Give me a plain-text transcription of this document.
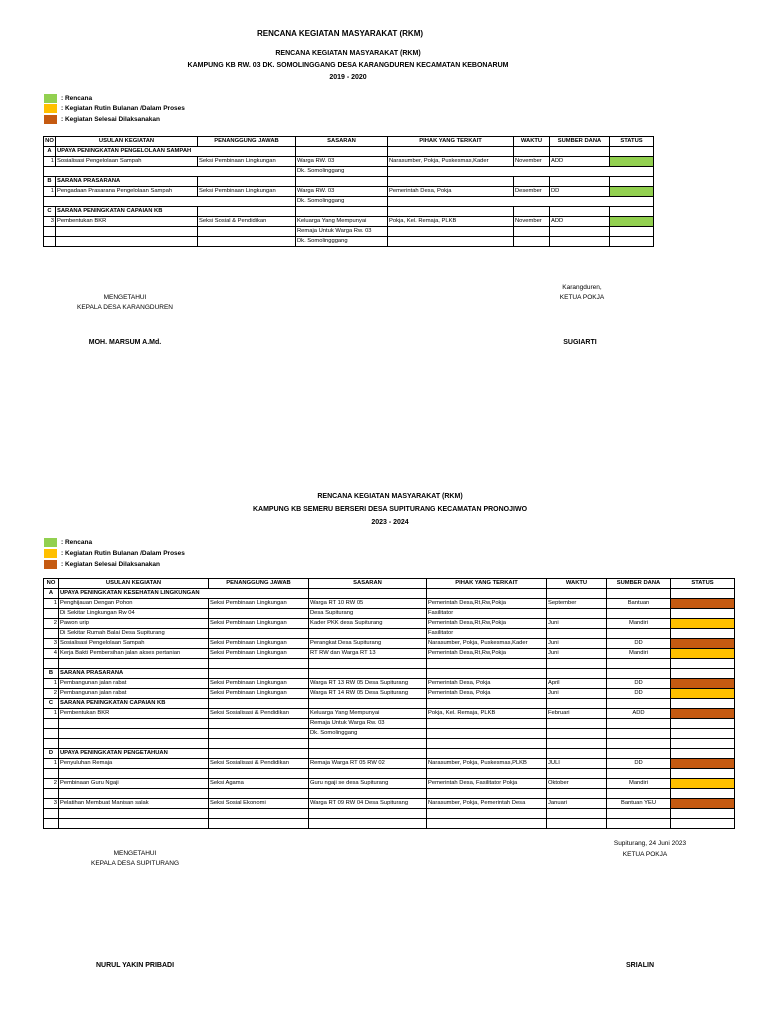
RENCANA KEGIATAN MASYARAKAT (RKM)
RENCANA KEGIATAN MASYARAKAT (RKM)
KAMPUNG KB RW. 03 DK. SOMOLINGGANG DESA KARANGDUREN KECAMATAN KEBONARUM
2019 - 2020
: Rencana
: Kegiatan Rutin Bulanan /Dalam Proses
: Kegiatan Selesai Dilaksanakan
NO	USULAN KEGIATAN	PENANGGUNG JAWAB	SASARAN	PIHAK YANG TERKAIT	WAKTU	SUMBER DANA	STATUS
A	UPAYA PENINGKATAN PENGELOLAAN SAMPAH						
1	Sosialisasi Pengelolaan Sampah	Seksi Pembinaan Lingkungan	Warga RW. 03	Narasumber, Pokja, Puskesmas,Kader	November	ADD	
			Dk. Somolinggang				
B	SARANA PRASARANA						
1	Pengadaan Prasarana Pengelolaan Sampah	Seksi Pembinaan Lingkungan	Warga RW. 03	Pemerintah Desa, Pokja	Desember	DD	
			Dk. Somolinggang				
C	SARANA PENINGKATAN CAPAIAN KB						
3	Pembentukan BKR	Seksi Sosial & Pendidikan	Keluarga Yang Mempunyai	Pokja, Kel. Remaja, PLKB	November	ADD	
			Remaja Untuk Warga Rw. 03				
			Dk. Somolingggang				
Karangduren,
KETUA POKJA
MENGETAHUI
KEPALA DESA KARANGDUREN
MOH. MARSUM A.Md.	SUGIARTI
RENCANA KEGIATAN MASYARAKAT (RKM)
KAMPUNG KB SEMERU BERSERI DESA SUPITURANG KECAMATAN PRONOJIWO
2023 - 2024
: Rencana
: Kegiatan Rutin Bulanan /Dalam Proses
: Kegiatan Selesai Dilaksanakan
NO	USULAN KEGIATAN	PENANGGUNG JAWAB	SASARAN	PIHAK YANG TERKAIT	WAKTU	SUMBER DANA	STATUS
A	UPAYA PENINGKATAN KESEHATAN LINGKUNGAN						
1	Penghijauan Dengan Pohon	Seksi Pembinaan Lingkungan	Warga RT 10 RW 05	Pemerintah Desa,Rt,Rw,Pokja	September	Bantuan	
	Di Sekitar Lingkungan Rw 04		Desa Supiturang	Fasilitator			
2	Pawon urip	Seksi Pembinaan Lingkungan	Kader PKK desa Supiturang	Pemerintah Desa,Rt,Rw,Pokja	Juni	Mandiri	
	Di Sekitar Rumah Balai Desa Supiturang			Fasilitator			
3	Sosialisasi Pengelolaan Sampah	Seksi Pembinaan Lingkungan	Perangkat Desa Supiturang	Narasumber, Pokja, Puskesmas,Kader	Juni	DD	
4	Kerja Bakti Pembersihan jalan akses pertanian	Seksi Pembinaan Lingkungan	RT RW dan Warga RT 13	Pemerintah Desa,Rt,Rw,Pokja	Juni	Mandiri	

B	SARANA PRASARANA						
1	Pembangunan jalan rabat	Seksi Pembinaan Lingkungan	Warga RT 13 RW 05 Desa Supiturang	Pemerintah Desa, Pokja	April	DD	
2	Pembangunan jalan rabat	Seksi Pembinaan Lingkungan	Warga RT 14 RW 05 Desa Supiturang	Pemerintah Desa, Pokja	Juni	DD	
C	SARANA PENINGKATAN CAPAIAN KB						
1	Pembentukan BKR	Seksi Sosialisasi & Pendidikan	Keluarga Yang Mempunyai	Pokja, Kel. Remaja, PLKB	Februari	ADD	
			Remaja Untuk Warga Rw. 03				
			Dk. Somolinggang				

D	UPAYA PENINGKATAN PENGETAHUAN						
1	Penyuluhan Remaja	Seksi Sosialisasi & Pendidikan	Remaja Warga RT 05 RW 02	Narasumber, Pokja, Puskesmas,PLKB	JULI	DD	

2	Pembinaan Guru Ngaji	Seksi Agama	Guru ngaji se desa Supiturang	Pemerintah Desa, Fasilitator Pokja	Oktober	Mandiri	

3	Pelatihan Membuat Manisan salak	Seksi Sosial Ekonomi	Warga RT 09 RW 04 Desa Supiturang	Narasumber, Pokja, Pemerintah Desa	Januari	Bantuan YEU	

Supiturang, 24 Juni 2023
KETUA POKJA
MENGETAHUI
KEPALA DESA SUPITURANG
NURUL YAKIN PRIBADI	SRIALIN
